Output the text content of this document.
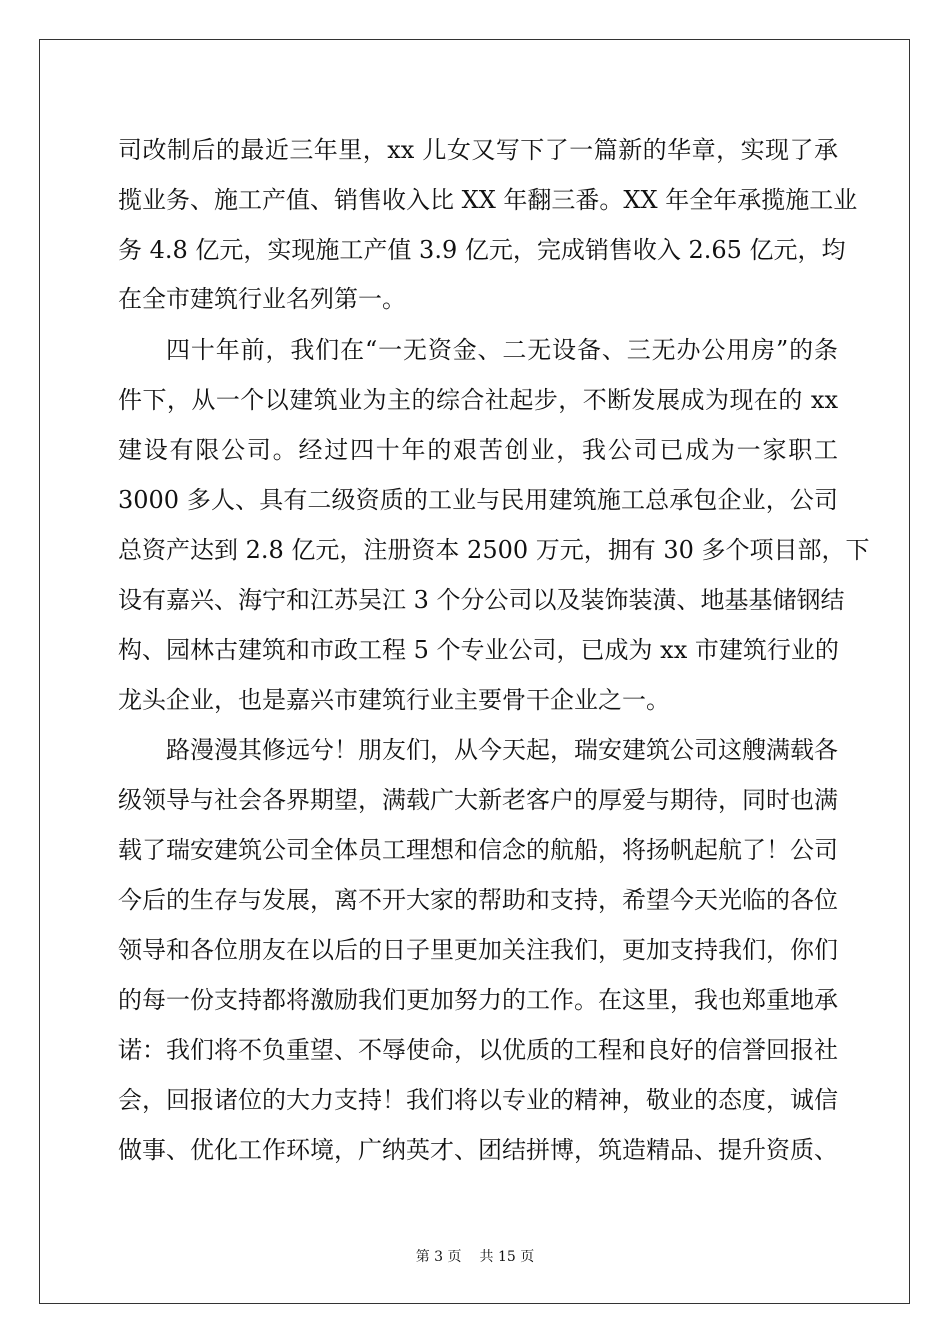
司改制后的最近三年里，xx 儿女又写下了一篇新的华章，实现了承
揽业务、施工产值、销售收入比 XX 年翻三番。XX 年全年承揽施工业
务 4.8 亿元，实现施工产值 3.9 亿元，完成销售收入 2.65 亿元，均
在全市建筑行业名列第一。
四十年前，我们在“一无资金、二无设备、三无办公用房”的条
件下，从一个以建筑业为主的综合社起步，不断发展成为现在的 xx
建设有限公司。经过四十年的艰苦创业，我公司已成为一家职工
3000 多人、具有二级资质的工业与民用建筑施工总承包企业，公司
总资产达到 2.8 亿元，注册资本 2500 万元，拥有 30 多个项目部，下
设有嘉兴、海宁和江苏吴江 3 个分公司以及装饰装潢、地基基储钢结
构、园林古建筑和市政工程 5 个专业公司，已成为 xx 市建筑行业的
龙头企业，也是嘉兴市建筑行业主要骨干企业之一。
路漫漫其修远兮！朋友们，从今天起，瑞安建筑公司这艘满载各
级领导与社会各界期望，满载广大新老客户的厚爱与期待，同时也满
载了瑞安建筑公司全体员工理想和信念的航船，将扬帆起航了！公司
今后的生存与发展，离不开大家的帮助和支持，希望今天光临的各位
领导和各位朋友在以后的日子里更加关注我们，更加支持我们，你们
的每一份支持都将激励我们更加努力的工作。在这里，我也郑重地承
诺：我们将不负重望、不辱使命，以优质的工程和良好的信誉回报社
会，回报诸位的大力支持！我们将以专业的精神，敬业的态度，诚信
做事、优化工作环境，广纳英才、团结拼博，筑造精品、提升资质、
第 3 页 共 15 页
